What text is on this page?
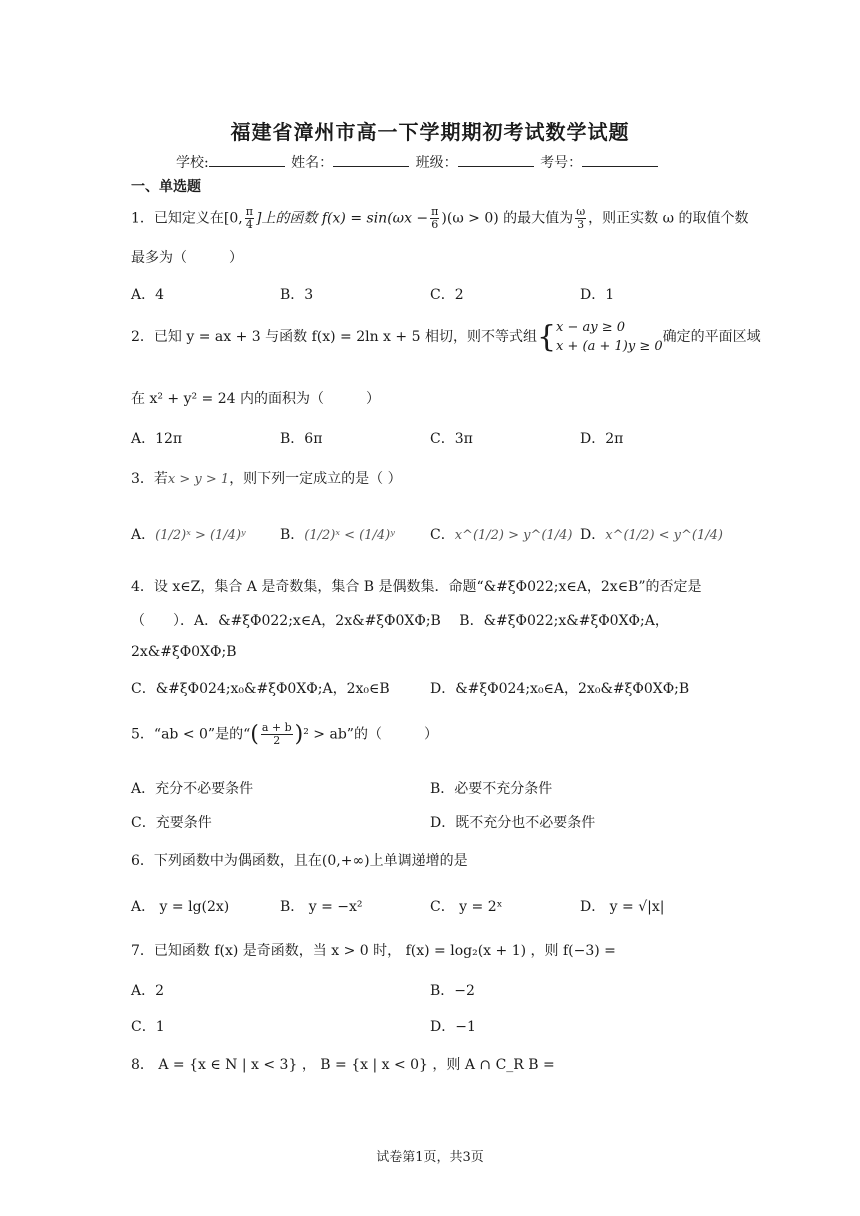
福建省漳州市高一下学期期初考试数学试题
学校:	姓名：	班级：	考号：
一、单选题
1．已知定义在[0, $\frac{\pi}{4}$ ]上的函数 $f(x) = \sin(\omega x - \frac{\pi}{6} )(\omega > 0)$ 的最大值为 $\frac{\omega}{3}$ ，则正实数 ω 的取值个数
最多为（　　　）
A．4	B．3	C．2	D．1
2．已知 y = ax + 3 与函数 f(x) = 2ln x + 5 相切，则不等式组{ x − ay ≥ 0
x + (a + 1)y ≥ 0
确定的平面区域
在 x² + y² = 24 内的面积为（　　　）
A．12π	B．6π	C．3π	D．2π
3．若x > y > 1，则下列一定成立的是（ ）
A．(1/2)ˣ > (1/4)ʸ B．(1/2)ˣ < (1/4)ʸ	C．x^(1/2) > y^(1/4) D．x^(1/2) < y^(1/4)
4．设 x∈Z，集合 A 是奇数集，集合 B 是偶数集．命题“&#ξΦ022;x∈A，2x∈B”的否定是
（　　）．A．&#ξΦ022;x∈A，2x&#ξΦ0XΦ;B　 B．&#ξΦ022;x&#ξΦ0XΦ;A，
2x&#ξΦ0XΦ;B
C．&#ξΦ024;x₀&#ξΦ0XΦ;A，2x₀∈B	D．&#ξΦ024;x₀∈A，2x₀&#ξΦ0XΦ;B
5．“ab < 0”是的“( $\frac{a + b}{2} )^2$ > ab”的（　　　）
A．充分不必要条件	B．必要不充分条件
C．充要条件	D．既不充分也不必要条件
6．下列函数中为偶函数，且在(0,+∞)上单调递增的是
A． y = lg(2x)	B． y = −x²	C． y = 2ˣ	D． y = √|x|
7．已知函数 f(x) 是奇函数，当 x > 0 时， f(x) = log₂(x + 1) ，则 f(−3) =
A．2	B．−2
C．1	D．−1
8． A = {x ∈ N | x < 3} ， B = {x | x < 0} ，则 A ∩ C_R B =
试卷第1页，共3页
